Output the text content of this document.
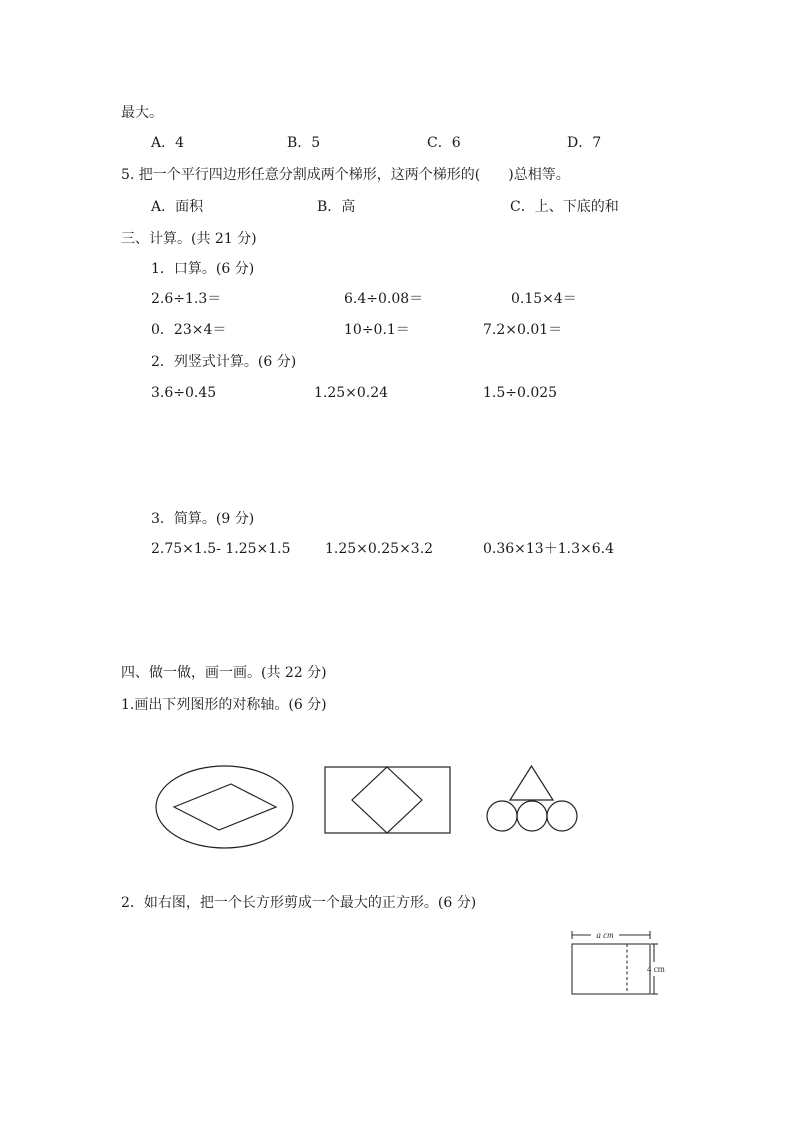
最大。
A．4	B．5	C．6	D．7
5. 把一个平行四边形任意分割成两个梯形，这两个梯形的(　　)总相等。
A．面积	B．高	C．上、下底的和
三、计算。(共 21 分)
1．口算。(6 分)
2.6÷1.3＝	6.4÷0.08＝	0.15×4＝
0．23×4＝	10÷0.1＝	7.2×0.01＝
2．列竖式计算。(6 分)
3.6÷0.45	1.25×0.24	1.5÷0.025
3．简算。(9 分)
2.75×1.5- 1.25×1.5 1.25×0.25×3.2	0.36×13＋1.3×6.4
四、做一做，画一画。(共 22 分)
1.画出下列图形的对称轴。(6 分)
2．如右图，把一个长方形剪成一个最大的正方形。(6 分)
a cm
4 cm
